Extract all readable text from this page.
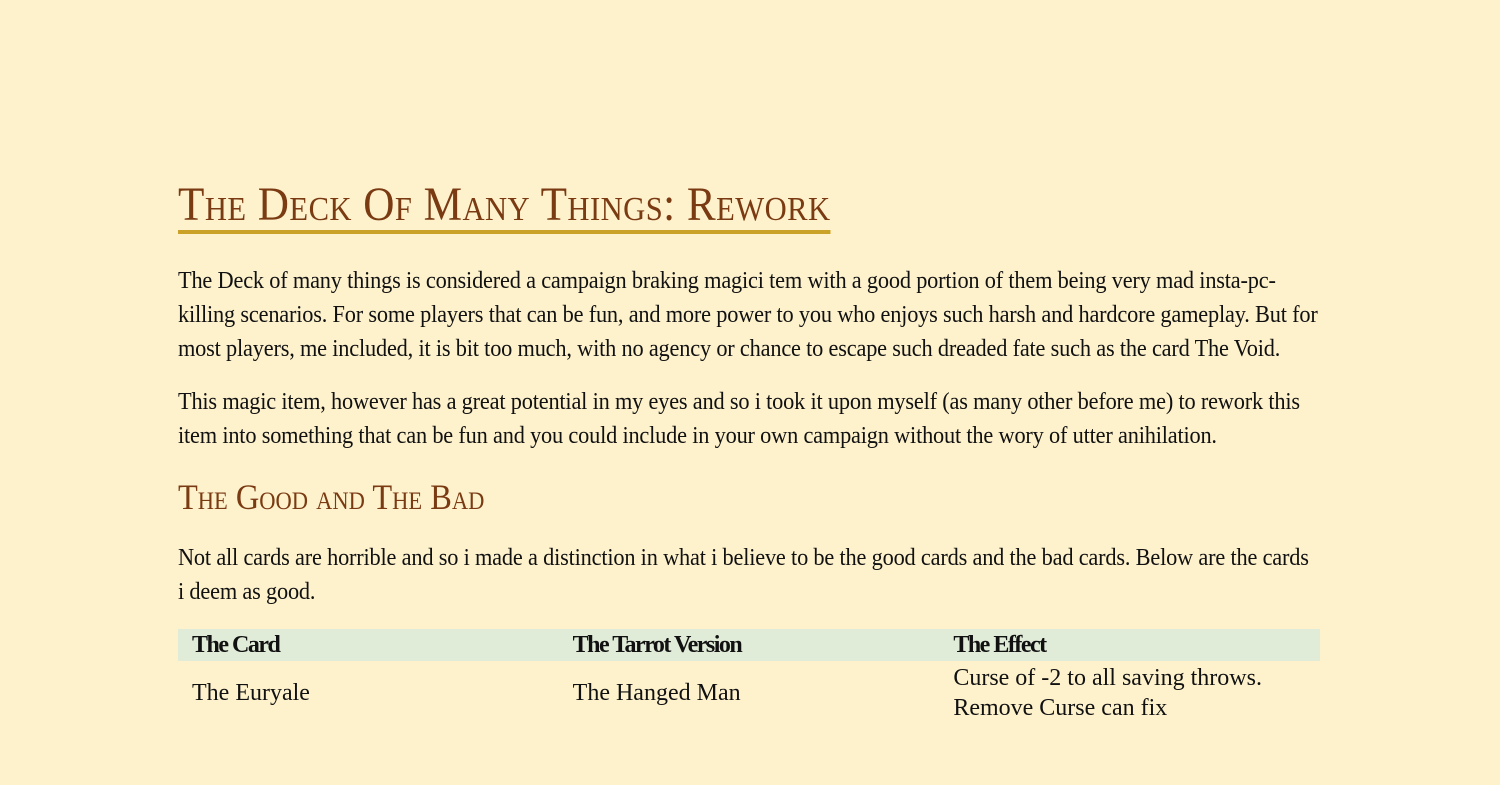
The Deck Of Many Things: Rework

The Deck of many things is considered a campaign braking magici tem with a good portion of them being very mad insta-pc-killing scenarios. For some players that can be fun, and more power to you who enjoys such harsh and hardcore gameplay. But for most players, me included, it is bit too much, with no agency or chance to escape such dreaded fate such as the card The Void.

This magic item, however has a great potential in my eyes and so i took it upon myself (as many other before me) to rework this item into something that can be fun and you could include in your own campaign without the wory of utter anihilation.

The Good and The Bad

Not all cards are horrible and so i made a distinction in what i believe to be the good cards and the bad cards. Below are the cards i deem as good.

The Card	The Tarrot Version	The Effect
The Euryale	The Hanged Man	Curse of -2 to all saving throws. Remove Curse can fix
